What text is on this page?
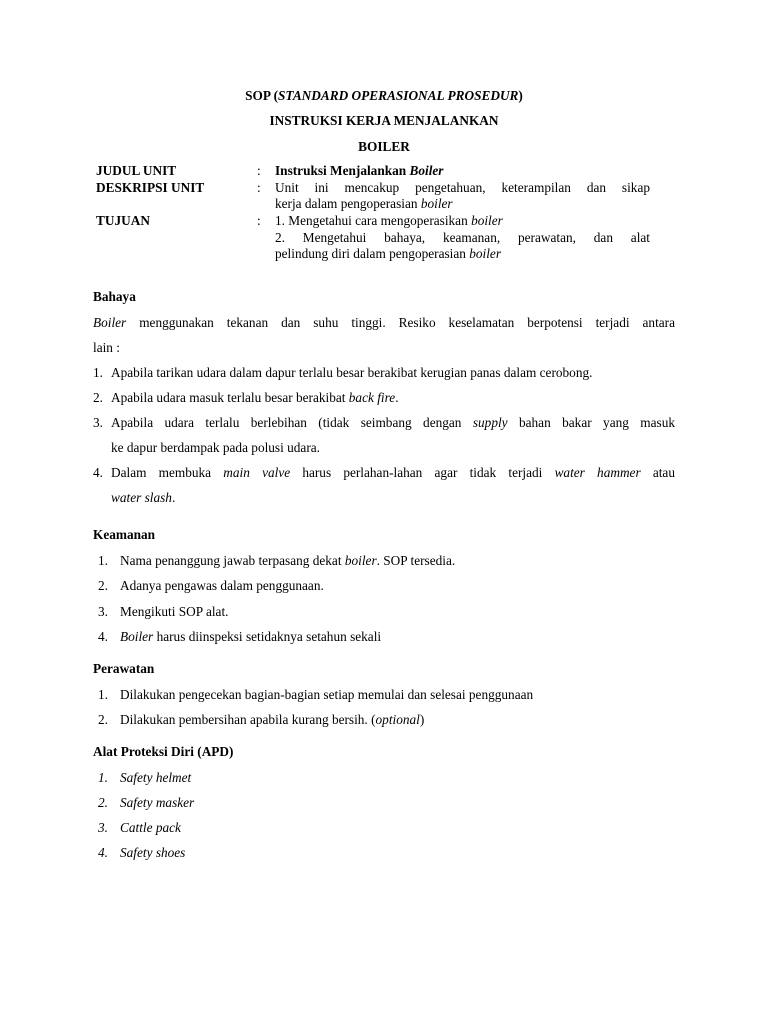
SOP (STANDARD OPERASIONAL PROSEDUR)
INSTRUKSI KERJA MENJALANKAN
BOILER
JUDUL UNIT	: Instruksi Menjalankan Boiler
DESKRIPSI UNIT	: Unit ini mencakup pengetahuan, keterampilan dan sikap
kerja dalam pengoperasian boiler
TUJUAN	: 1. Mengetahui cara mengoperasikan boiler
2. Mengetahui bahaya, keamanan, perawatan, dan alat
pelindung diri dalam pengoperasian boiler
Bahaya
Boiler menggunakan tekanan dan suhu tinggi. Resiko keselamatan berpotensi terjadi antara
lain :
1. Apabila tarikan udara dalam dapur terlalu besar berakibat kerugian panas dalam cerobong.
2. Apabila udara masuk terlalu besar berakibat back fire.
3. Apabila udara terlalu berlebihan (tidak seimbang dengan supply bahan bakar yang masuk
ke dapur berdampak pada polusi udara.
4. Dalam membuka main valve harus perlahan-lahan agar tidak terjadi water hammer atau
water slash.
Keamanan
1. Nama penanggung jawab terpasang dekat boiler. SOP tersedia.
2. Adanya pengawas dalam penggunaan.
3. Mengikuti SOP alat.
4. Boiler harus diinspeksi setidaknya setahun sekali
Perawatan
1. Dilakukan pengecekan bagian-bagian setiap memulai dan selesai penggunaan
2. Dilakukan pembersihan apabila kurang bersih. (optional)
Alat Proteksi Diri (APD)
1. Safety helmet
2. Safety masker
3. Cattle pack
4. Safety shoes
